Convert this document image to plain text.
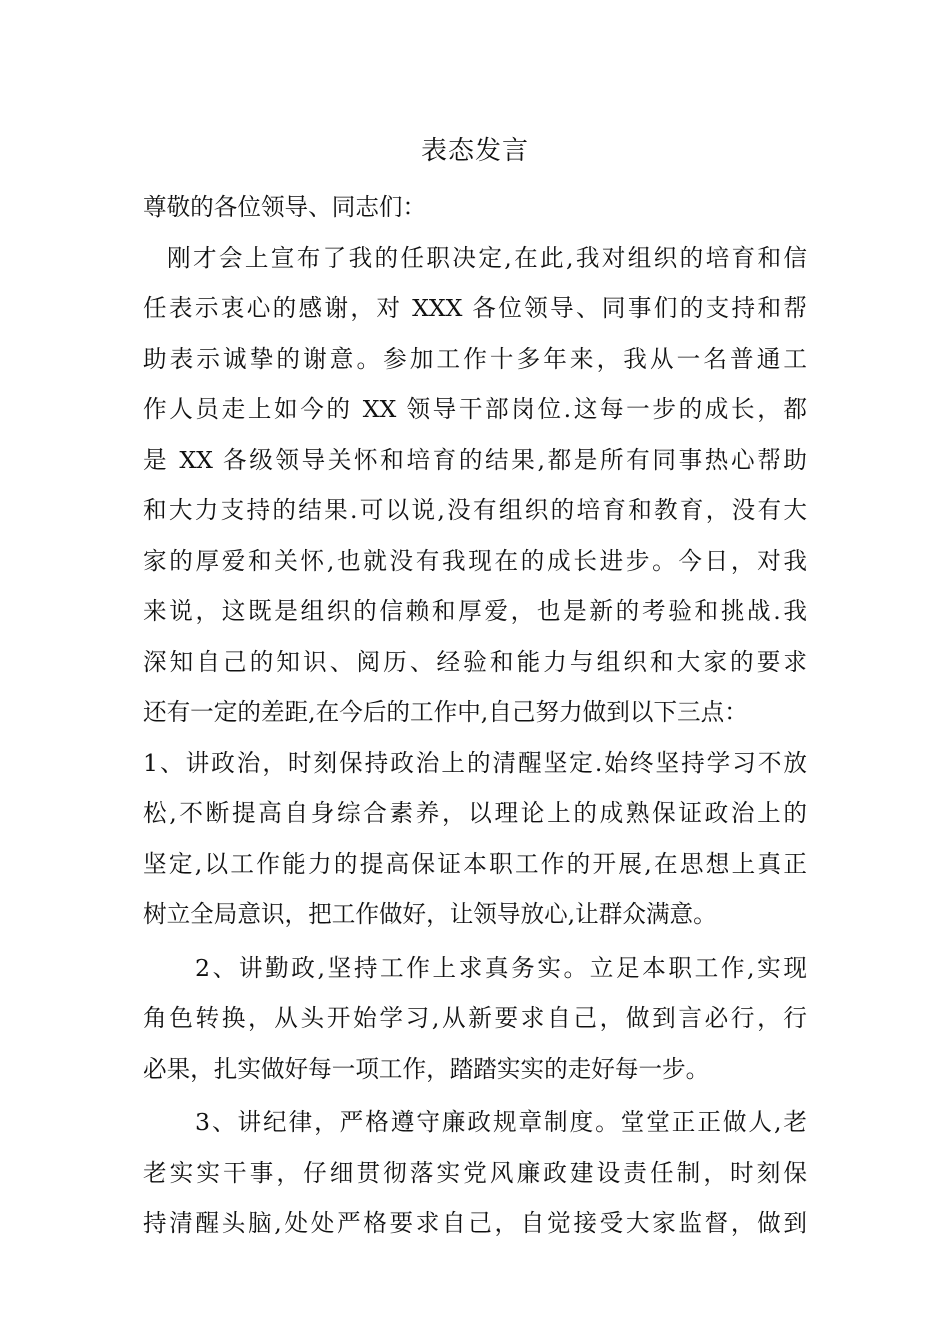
表态发言
尊敬的各位领导、同志们：
刚才会上宣布了我的任职决定,在此,我对组织的培育和信
任表示衷心的感谢，对 XXX 各位领导、同事们的支持和帮
助表示诚挚的谢意。参加工作十多年来，我从一名普通工
作人员走上如今的 XX 领导干部岗位.这每一步的成长，都
是 XX 各级领导关怀和培育的结果,都是所有同事热心帮助
和大力支持的结果.可以说,没有组织的培育和教育，没有大
家的厚爱和关怀,也就没有我现在的成长进步。今日，对我
来说，这既是组织的信赖和厚爱，也是新的考验和挑战.我
深知自己的知识、阅历、经验和能力与组织和大家的要求
还有一定的差距,在今后的工作中,自己努力做到以下三点：
1、讲政治，时刻保持政治上的清醒坚定.始终坚持学习不放
松,不断提高自身综合素养，以理论上的成熟保证政治上的
坚定,以工作能力的提高保证本职工作的开展,在思想上真正
树立全局意识，把工作做好，让领导放心,让群众满意。
2、讲勤政,坚持工作上求真务实。立足本职工作,实现
角色转换，从头开始学习,从新要求自己，做到言必行，行
必果，扎实做好每一项工作，踏踏实实的走好每一步。
3、讲纪律，严格遵守廉政规章制度。堂堂正正做人,老
老实实干事，仔细贯彻落实党风廉政建设责任制，时刻保
持清醒头脑,处处严格要求自己，自觉接受大家监督，做到
